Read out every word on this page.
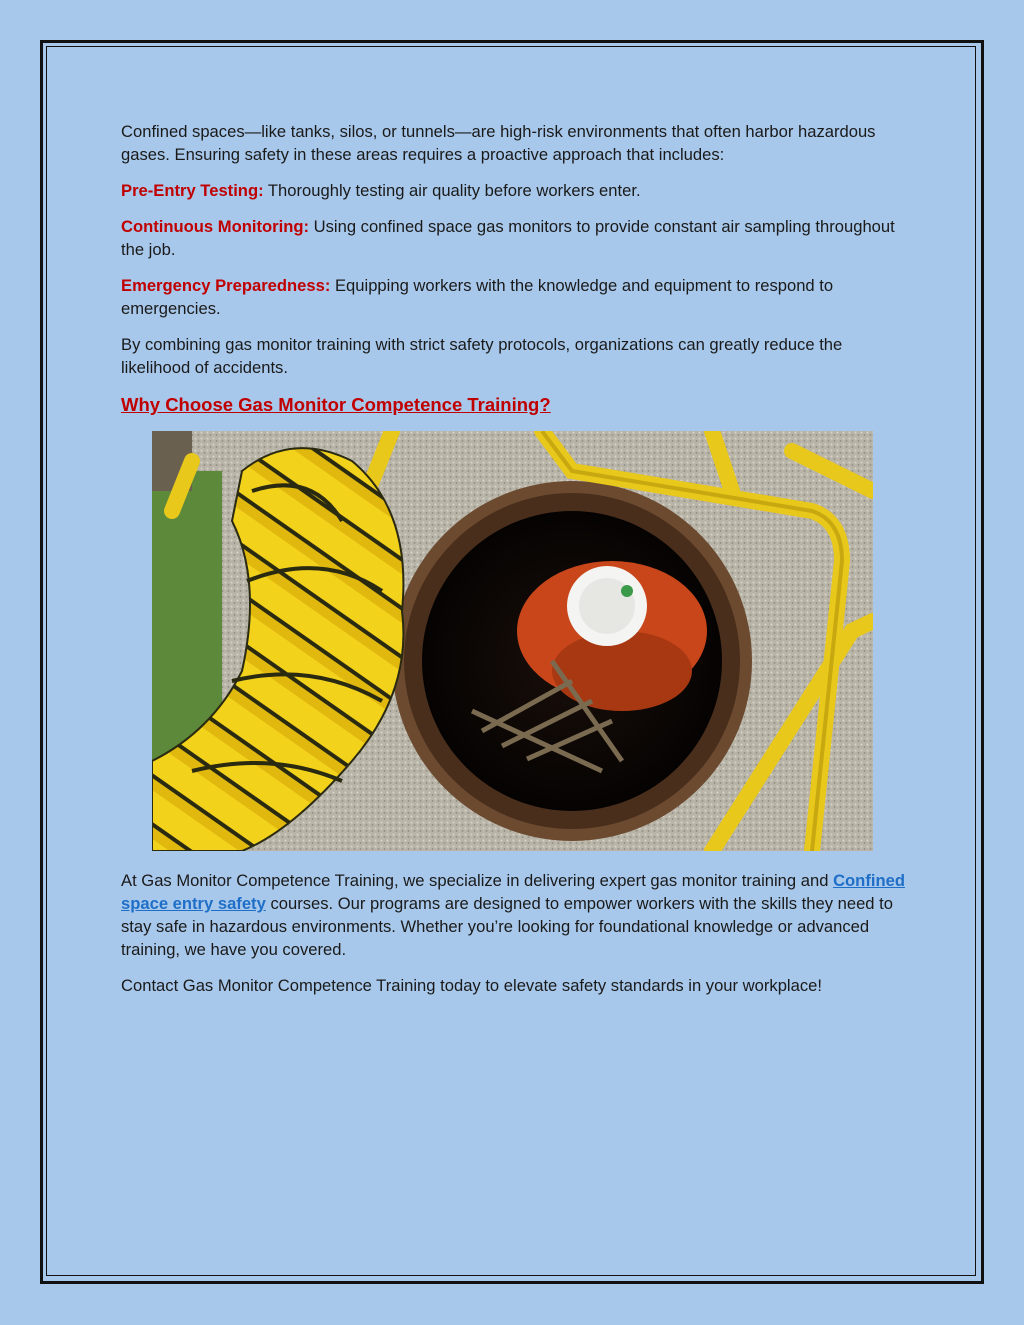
Confined spaces—like tanks, silos, or tunnels—are high-risk environments that often harbor hazardous gases. Ensuring safety in these areas requires a proactive approach that includes:

Pre-Entry Testing: Thoroughly testing air quality before workers enter.

Continuous Monitoring: Using confined space gas monitors to provide constant air sampling throughout the job.

Emergency Preparedness: Equipping workers with the knowledge and equipment to respond to emergencies.

By combining gas monitor training with strict safety protocols, organizations can greatly reduce the likelihood of accidents.

Why Choose Gas Monitor Competence Training?

At Gas Monitor Competence Training, we specialize in delivering expert gas monitor training and Confined space entry safety courses. Our programs are designed to empower workers with the skills they need to stay safe in hazardous environments. Whether you’re looking for foundational knowledge or advanced training, we have you covered.

Contact Gas Monitor Competence Training today to elevate safety standards in your workplace!
